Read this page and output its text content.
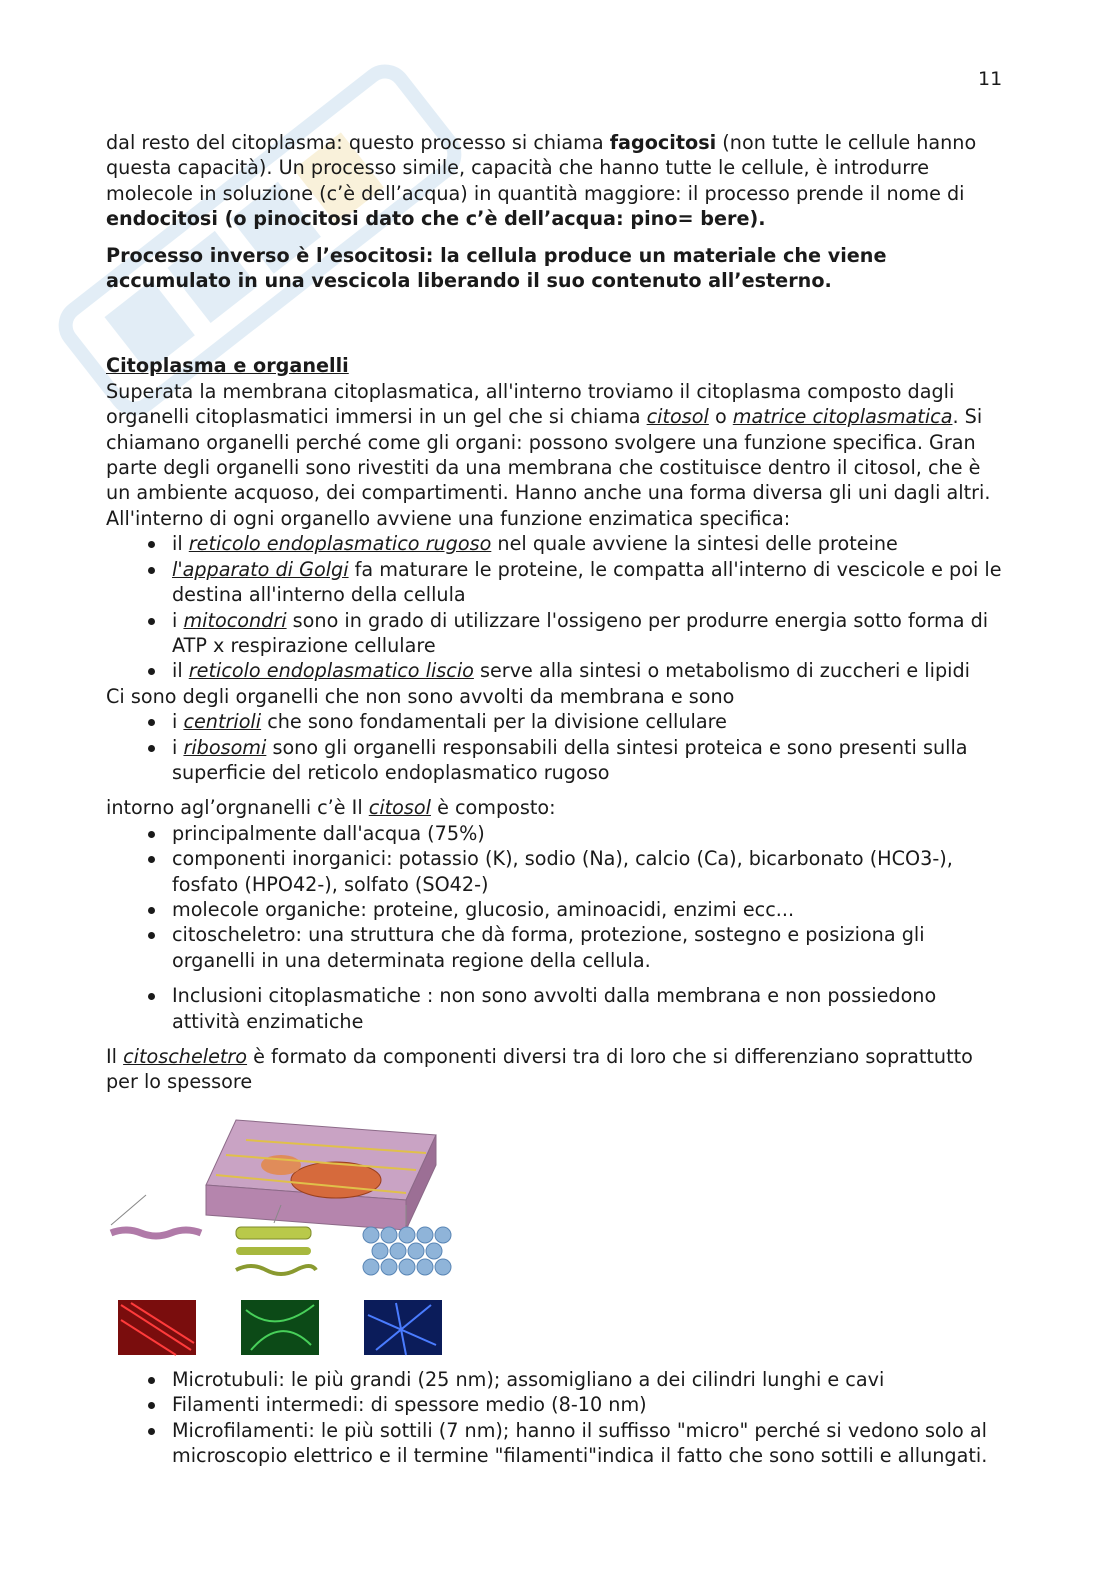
11

dal resto del citoplasma: questo processo si chiama fagocitosi (non tutte le cellule hanno questa capacità). Un processo simile, capacità che hanno tutte le cellule, è introdurre molecole in soluzione (c’è dell’acqua) in quantità maggiore: il processo prende il nome di endocitosi (o pinocitosi dato che c’è dell’acqua: pino= bere).

Processo inverso è l’esocitosi: la cellula produce un materiale che viene accumulato in una vescicola liberando il suo contenuto all’esterno.

Citoplasma e organelli

Superata la membrana citoplasmatica, all'interno troviamo il citoplasma composto dagli organelli citoplasmatici immersi in un gel che si chiama citosol o matrice citoplasmatica. Si chiamano organelli perché come gli organi: possono svolgere una funzione specifica. Gran parte degli organelli sono rivestiti da una membrana che costituisce dentro il citosol, che è un ambiente acquoso, dei compartimenti. Hanno anche una forma diversa gli uni dagli altri. All'interno di ogni organello avviene una funzione enzimatica specifica:

il reticolo endoplasmatico rugoso nel quale avviene la sintesi delle proteine
l'apparato di Golgi fa maturare le proteine, le compatta all'interno di vescicole e poi le destina all'interno della cellula
i mitocondri sono in grado di utilizzare l'ossigeno per produrre energia sotto forma di ATP x respirazione cellulare
il reticolo endoplasmatico liscio serve alla sintesi o metabolismo di zuccheri e lipidi

Ci sono degli organelli che non sono avvolti da membrana e sono

i centrioli che sono fondamentali per la divisione cellulare
i ribosomi sono gli organelli responsabili della sintesi proteica e sono presenti sulla superficie del reticolo endoplasmatico rugoso

intorno agl’orgnanelli c’è Il citosol è composto:

principalmente dall'acqua (75%)
componenti inorganici: potassio (K), sodio (Na), calcio (Ca), bicarbonato (HCO3-), fosfato (HPO42-), solfato (SO42-)
molecole organiche: proteine, glucosio, aminoacidi, enzimi ecc...
citoscheletro: una struttura che dà forma, protezione, sostegno e posiziona gli organelli in una determinata regione della cellula.
Inclusioni citoplasmatiche : non sono avvolti dalla membrana e non possiedono attività enzimatiche

Il citoscheletro è formato da componenti diversi tra di loro che si differenziano soprattutto per lo spessore

Microtubuli: le più grandi (25 nm); assomigliano a dei cilindri lunghi e cavi
Filamenti intermedi: di spessore medio (8-10 nm)
Microfilamenti: le più sottili (7 nm); hanno il suffisso "micro" perché si vedono solo al microscopio elettrico e il termine "filamenti"indica il fatto che sono sottili e allungati.
